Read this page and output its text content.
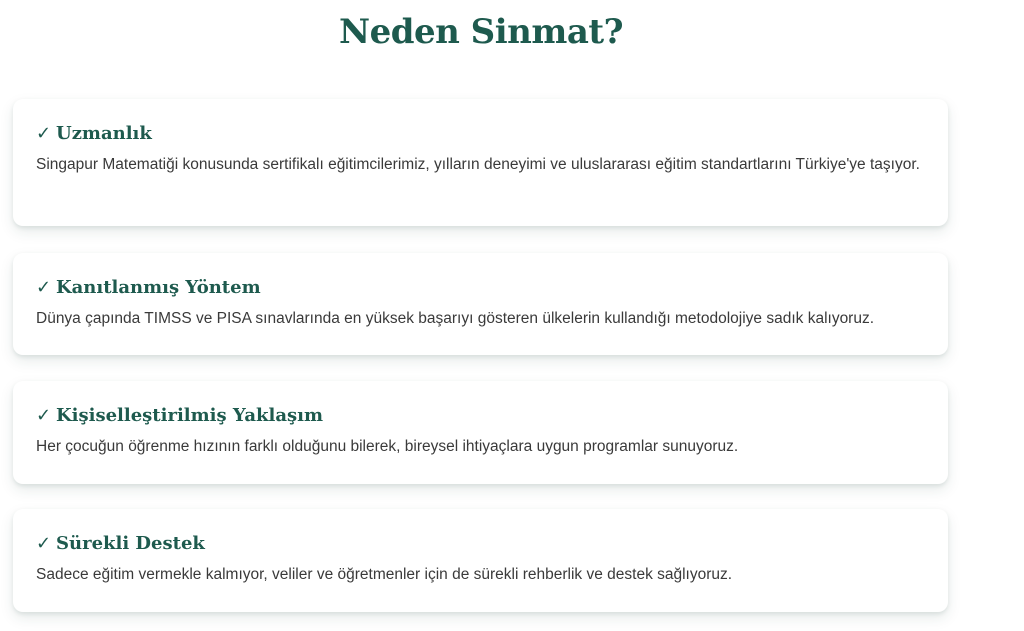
Neden Sinmat?
✓ Uzmanlık

Singapur Matematiği konusunda sertifikalı eğitimcilerimiz, yılların deneyimi ve uluslararası eğitim standartlarını Türkiye'ye taşıyor.

✓ Kanıtlanmış Yöntem

Dünya çapında TIMSS ve PISA sınavlarında en yüksek başarıyı gösteren ülkelerin kullandığı metodolojiye sadık kalıyoruz.

✓ Kişiselleştirilmiş Yaklaşım

Her çocuğun öğrenme hızının farklı olduğunu bilerek, bireysel ihtiyaçlara uygun programlar sunuyoruz.

✓ Sürekli Destek

Sadece eğitim vermekle kalmıyor, veliler ve öğretmenler için de sürekli rehberlik ve destek sağlıyoruz.
